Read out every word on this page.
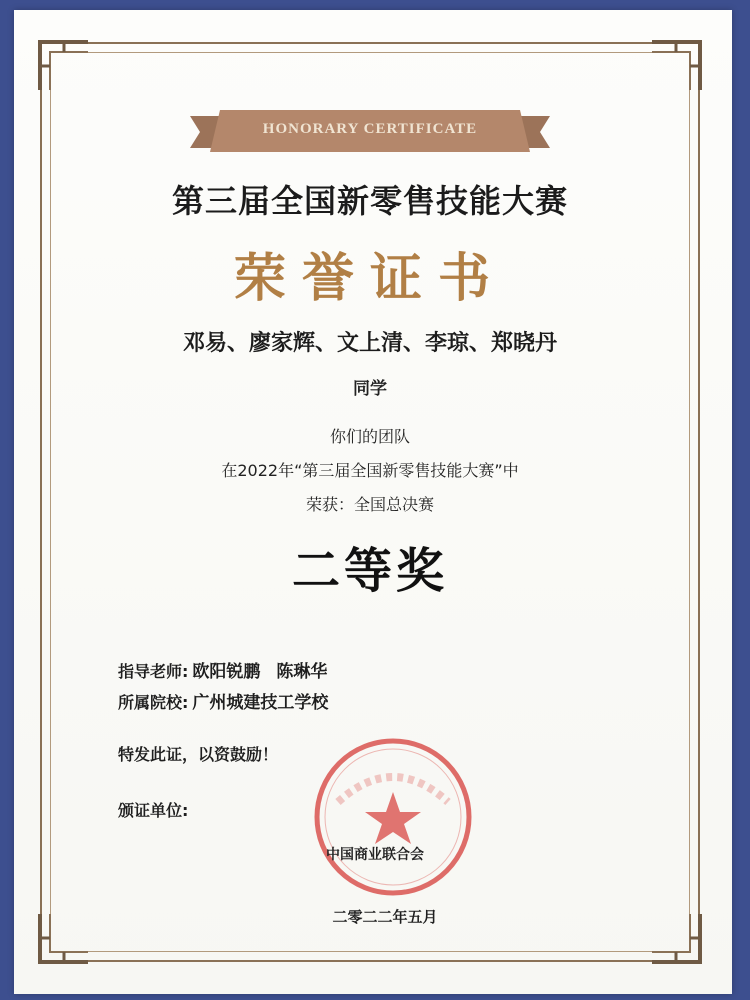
HONORARY CERTIFICATE
第三届全国新零售技能大赛
荣誉证书
邓易、廖家辉、文上清、李琼、郑晓丹
同学
你们的团队
在2022年“第三届全国新零售技能大赛”中
荣获：全国总决赛
二等奖
指导老师: 欧阳锐鹏 陈琳华
所属院校: 广州城建技工学校
特发此证，以资鼓励！
颁证单位:
中国商业联合会
二零二二年五月
